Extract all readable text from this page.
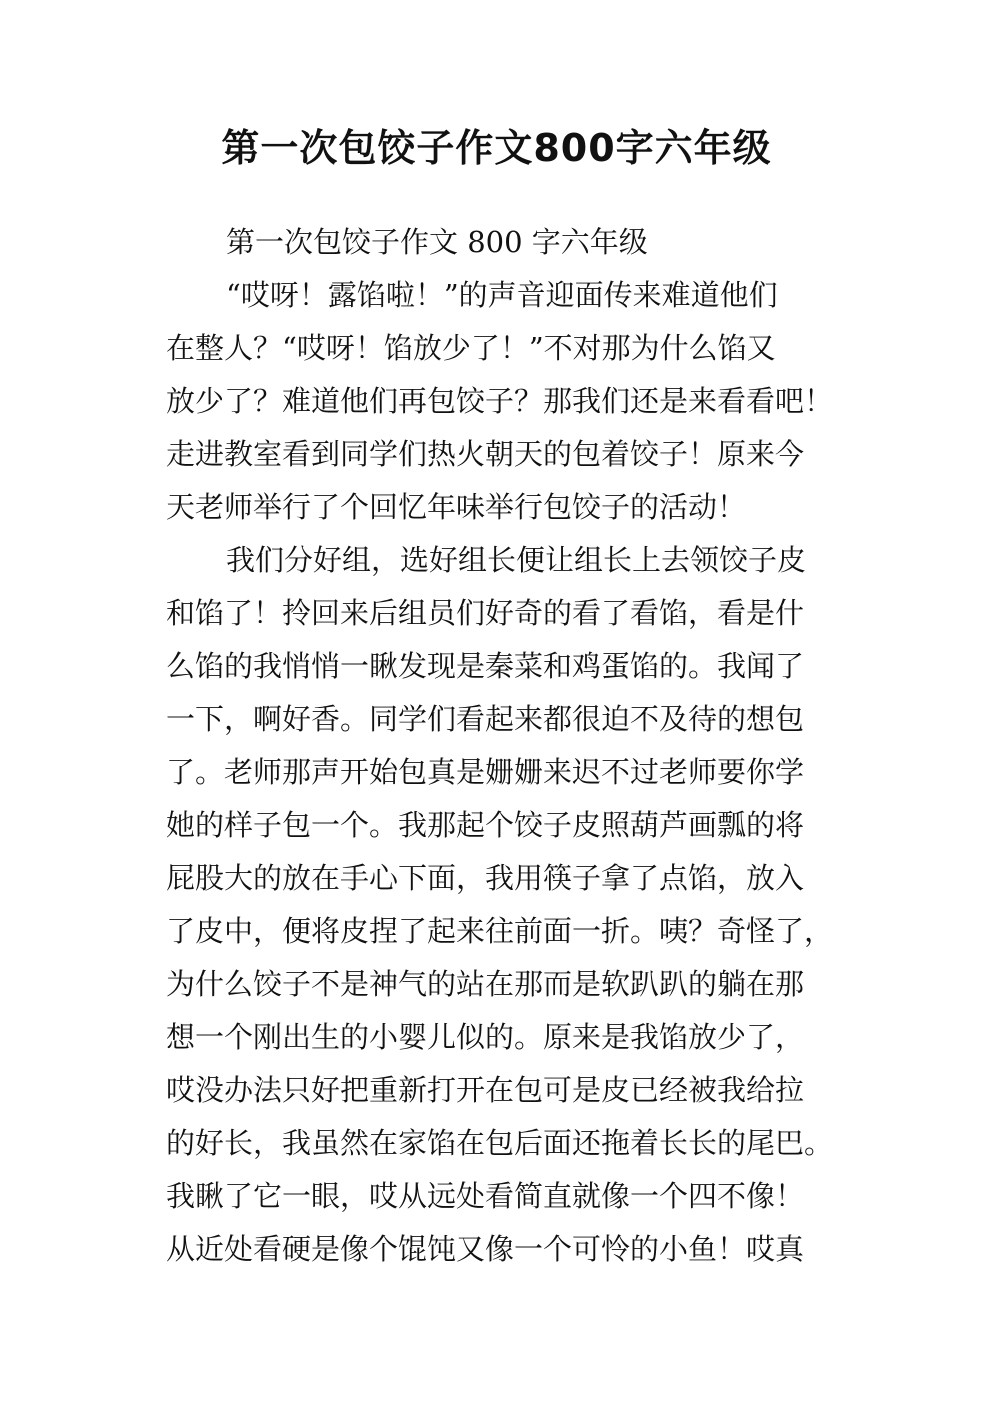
第一次包饺子作文800字六年级
第一次包饺子作文 800 字六年级
“哎呀！露馅啦！”的声音迎面传来难道他们
在整人？“哎呀！馅放少了！”不对那为什么馅又
放少了？难道他们再包饺子？那我们还是来看看吧！
走进教室看到同学们热火朝天的包着饺子！原来今
天老师举行了个回忆年味举行包饺子的活动！
我们分好组，选好组长便让组长上去领饺子皮
和馅了！拎回来后组员们好奇的看了看馅，看是什
么馅的我悄悄一瞅发现是秦菜和鸡蛋馅的。我闻了
一下，啊好香。同学们看起来都很迫不及待的想包
了。老师那声开始包真是姗姗来迟不过老师要你学
她的样子包一个。我那起个饺子皮照葫芦画瓢的将
屁股大的放在手心下面，我用筷子拿了点馅，放入
了皮中，便将皮捏了起来往前面一折。咦？奇怪了，
为什么饺子不是神气的站在那而是软趴趴的躺在那
想一个刚出生的小婴儿似的。原来是我馅放少了，
哎没办法只好把重新打开在包可是皮已经被我给拉
的好长，我虽然在家馅在包后面还拖着长长的尾巴。
我瞅了它一眼，哎从远处看简直就像一个四不像！
从近处看硬是像个馄饨又像一个可怜的小鱼！哎真
